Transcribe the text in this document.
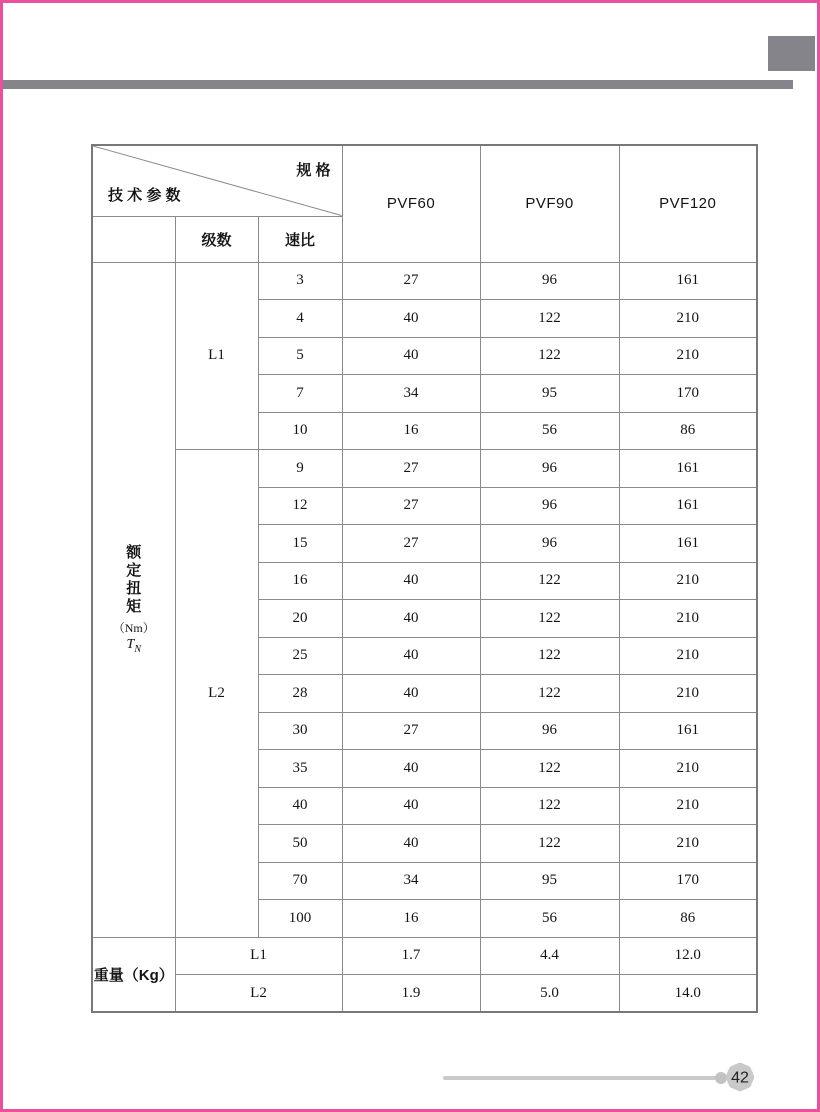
规 格
技 术 参 数			PVF60	PVF90	PVF120
	级数	速比			

额
定
扭
矩
（Nm）
$T_N$
	L1	3	27	96	161
		4	40	122	210
		5	40	122	210
		7	34	95	170
		10	16	56	86
	L2	9	27	96	161
		12	27	96	161
		15	27	96	161
		16	40	122	210
		20	40	122	210
		25	40	122	210
		28	40	122	210
		30	27	96	161
		35	40	122	210
		40	40	122	210
		50	40	122	210
		70	34	95	170
		100	16	56	86
重量（Kg）	L1		1.7	4.4	12.0
	L2		1.9	5.0	14.0
42
